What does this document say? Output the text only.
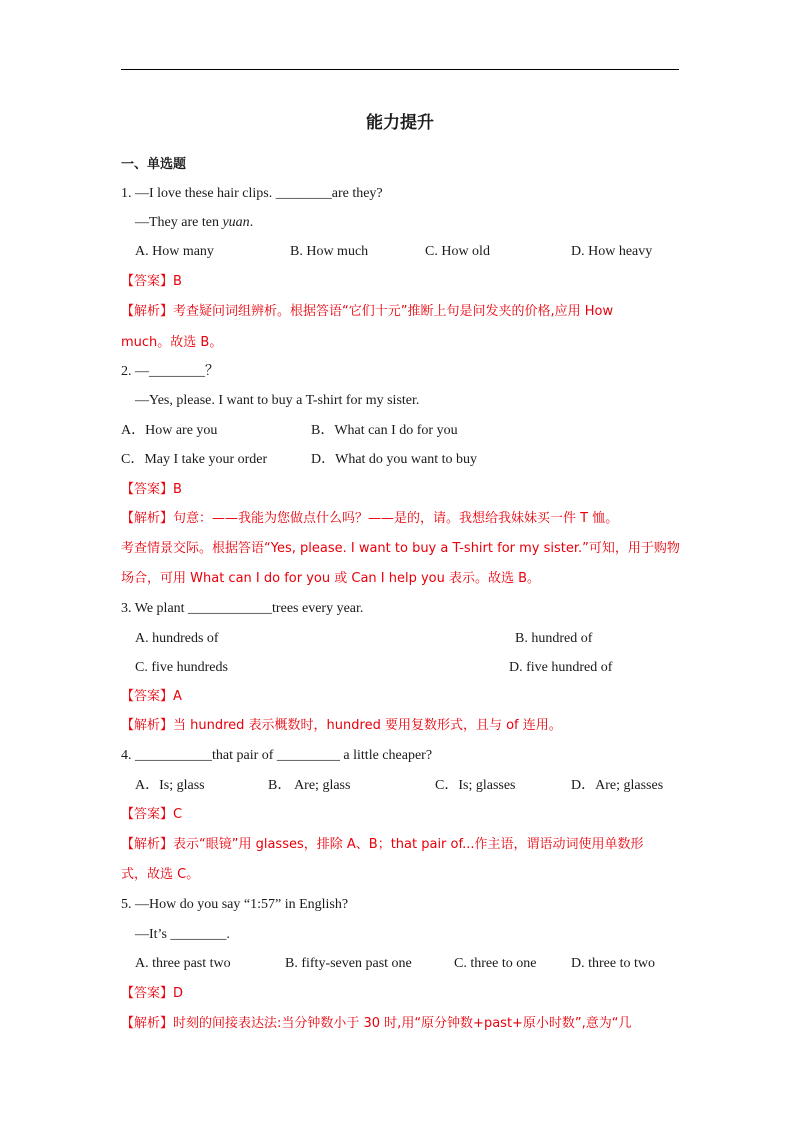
能力提升
一、单选题
1. —I love these hair clips. ________are they?
—They are ten yuan.
A. How many	B. How much	C. How old	D. How heavy
【答案】B
【解析】考查疑问词组辨析。根据答语“它们十元”推断上句是问发夹的价格,应用 How
much。故选 B。
2. —________？
—Yes, please. I want to buy a T-shirt for my sister.
A．How are you	B．What can I do for you
C．May I take your order	D．What do you want to buy
【答案】B
【解析】句意：——我能为您做点什么吗？——是的，请。我想给我妹妹买一件 T 恤。
考查情景交际。根据答语“Yes, please. I want to buy a T-shirt for my sister.”可知，用于购物
场合，可用 What can I do for you 或 Can I help you 表示。故选 B。
3. We plant ____________trees every year.
A. hundreds of	B. hundred of
C. five hundreds	D. five hundred of
【答案】A
【解析】当 hundred 表示概数时，hundred 要用复数形式，且与 of 连用。
4. ___________that pair of _________ a little cheaper?
A．Is; glass	B． Are; glass	C．Is; glasses	D．Are; glasses
【答案】C
【解析】表示“眼镜”用 glasses，排除 A、B；that pair of...作主语，谓语动词使用单数形
式，故选 C。
5. —How do you say “1:57” in English?
—It’s ________.
A. three past two	B. fifty-seven past one	C. three to one D. three to two
【答案】D
【解析】时刻的间接表达法:当分钟数小于 30 时,用“原分钟数+past+原小时数”,意为“几
